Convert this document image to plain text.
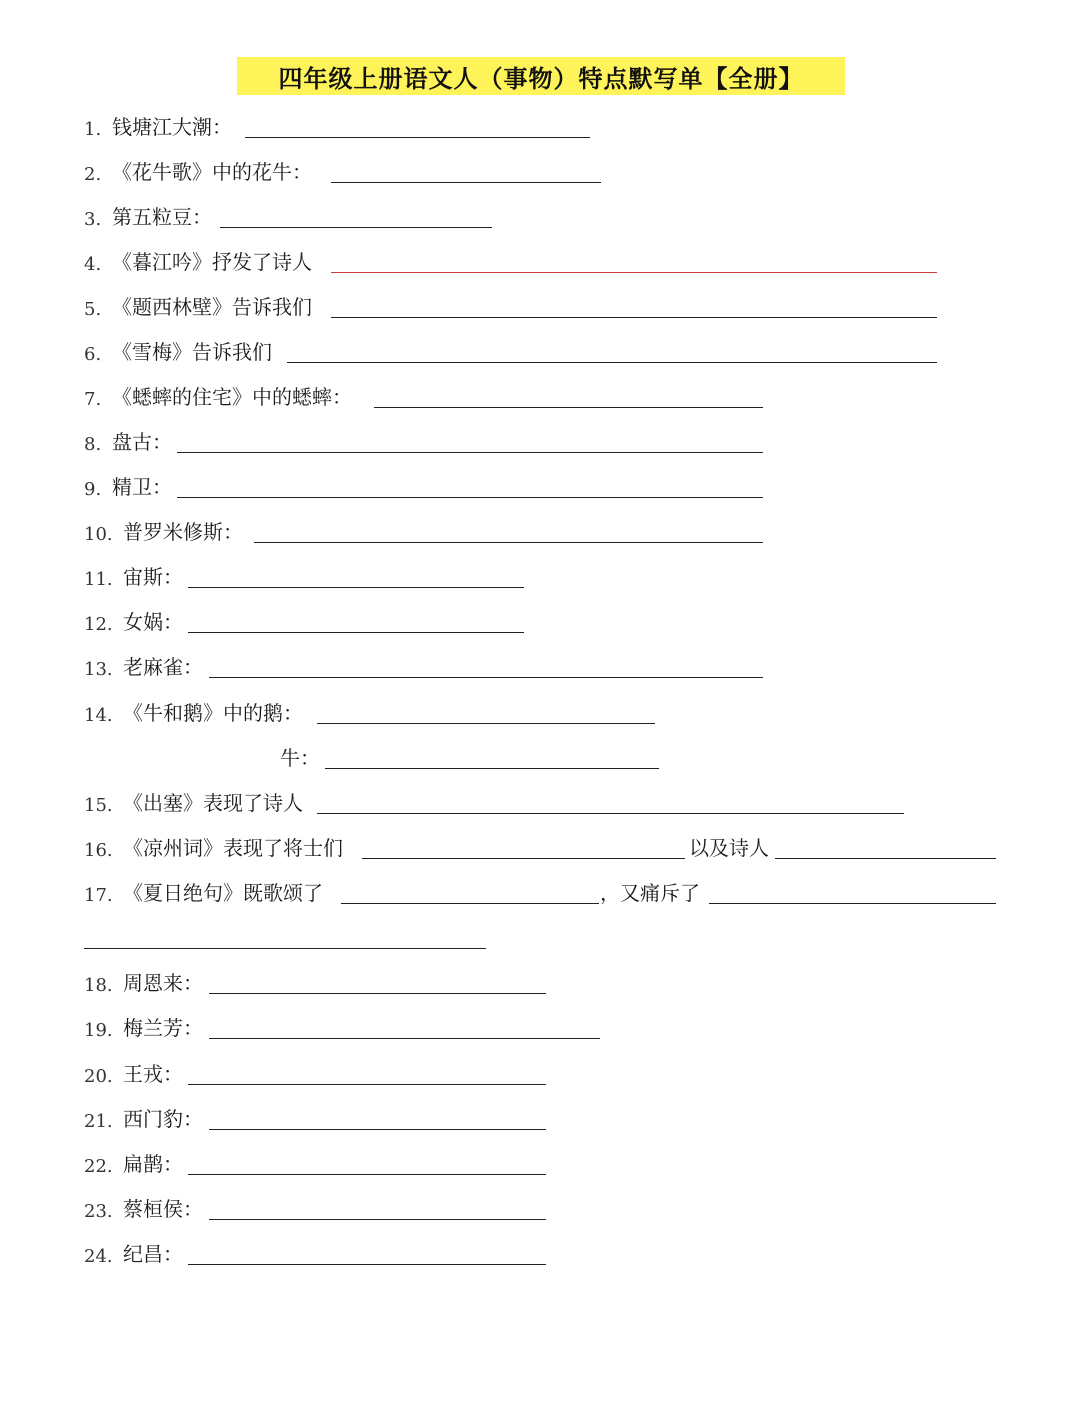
四年级上册语文人（事物）特点默写单【全册】
1. 钱塘江大潮：
2. 《花牛歌》中的花牛：
3. 第五粒豆：
4. 《暮江吟》抒发了诗人
5. 《题西林壁》告诉我们
6. 《雪梅》告诉我们
7. 《蟋蟀的住宅》中的蟋蟀：
8. 盘古：
9. 精卫：
10. 普罗米修斯：
11. 宙斯：
12. 女娲：
13. 老麻雀：
14. 《牛和鹅》中的鹅：
牛：
15. 《出塞》表现了诗人
16. 《凉州词》表现了将士们	以及诗人
17. 《夏日绝句》既歌颂了	，又痛斥了
18. 周恩来：
19. 梅兰芳：
20. 王戎：
21. 西门豹：
22. 扁鹊：
23. 蔡桓侯：
24. 纪昌：
